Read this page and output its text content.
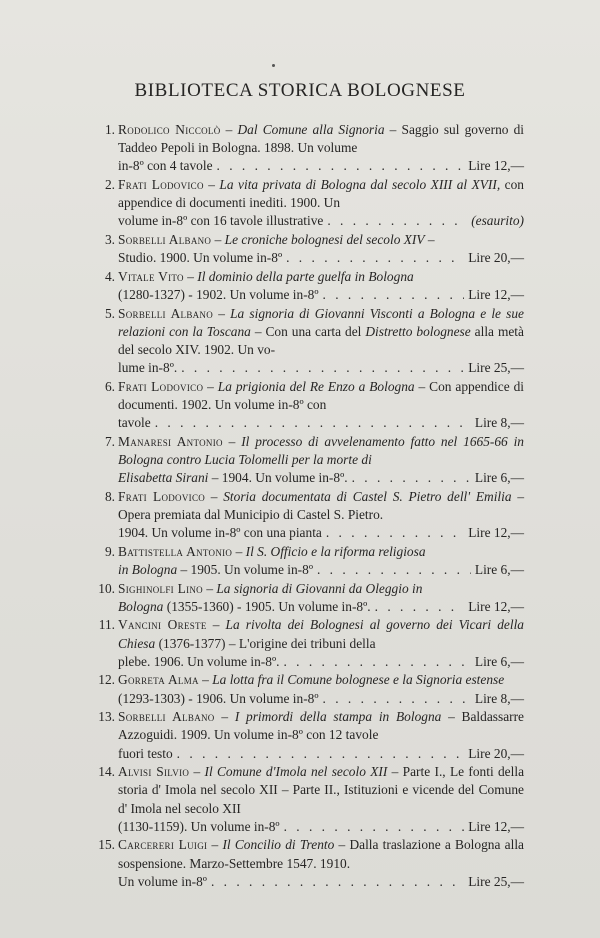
BIBLIOTECA STORICA BOLOGNESE
1. Rodolico Niccolò – Dal Comune alla Signoria – Saggio sul governo di Taddeo Pepoli in Bologna. 1898. Un volume
in-8º con 4 tavole . . .	Lire 12,—
2. Frati Lodovico – La vita privata di Bologna dal secolo XIII al XVII, con appendice di documenti inediti. 1900. Un
volume in-8º con 16 tavole illustrative . . .	(esaurito)
3. Sorbelli Albano – Le croniche bolognesi del secolo XIV –
Studio. 1900. Un volume in-8º . . .	Lire 20,—
4. Vitale Vito – Il dominio della parte guelfa in Bologna
(1280-1327) - 1902. Un volume in-8º . . .	Lire 12,—
5. Sorbelli Albano – La signoria di Giovanni Visconti a Bologna e le sue relazioni con la Toscana – Con una carta del Distretto bolognese alla metà del secolo XIV. 1902. Un vo-
lume in-8º. . . .	Lire 25,—
6. Frati Lodovico – La prigionia del Re Enzo a Bologna – Con appendice di documenti. 1902. Un volume in-8º con
tavole . . .	Lire 8,—
7. Manaresi Antonio – Il processo di avvelenamento fatto nel 1665-66 in Bologna contro Lucia Tolomelli per la morte di
Elisabetta Sirani – 1904. Un volume in-8º. . . .	Lire 6,—
8. Frati Lodovico – Storia documentata di Castel S. Pietro dell' Emilia – Opera premiata dal Municipio di Castel S. Pietro.
1904. Un volume in-8º con una pianta . . .	Lire 12,—
9. Battistella Antonio – Il S. Officio e la riforma religiosa
in Bologna – 1905. Un volume in-8º . . .	Lire 6,—
10. Sighinolfi Lino – La signoria di Giovanni da Oleggio in
Bologna (1355-1360) - 1905. Un volume in-8º. . . .	Lire 12,—
11. Vancini Oreste – La rivolta dei Bolognesi al governo dei Vicari della Chiesa (1376-1377) – L'origine dei tribuni della
plebe. 1906. Un volume in-8º. . . .	Lire 6,—
12. Gorreta Alma – La lotta fra il Comune bolognese e la Signoria estense
(1293-1303) - 1906. Un volume in-8º . . .	Lire 8,—
13. Sorbelli Albano – I primordi della stampa in Bologna – Baldassarre Azzoguidi. 1909. Un volume in-8º con 12 tavole
fuori testo . . .	Lire 20,—
14. Alvisi Silvio – Il Comune d'Imola nel secolo XII – Parte I., Le fonti della storia d' Imola nel secolo XII – Parte II., Istituzioni e vicende del Comune d' Imola nel secolo XII
(1130-1159). Un volume in-8º . . .	Lire 12,—
15. Carcereri Luigi – Il Concilio di Trento – Dalla traslazione a Bologna alla sospensione. Marzo-Settembre 1547. 1910.
Un volume in-8º . . .	Lire 25,—
